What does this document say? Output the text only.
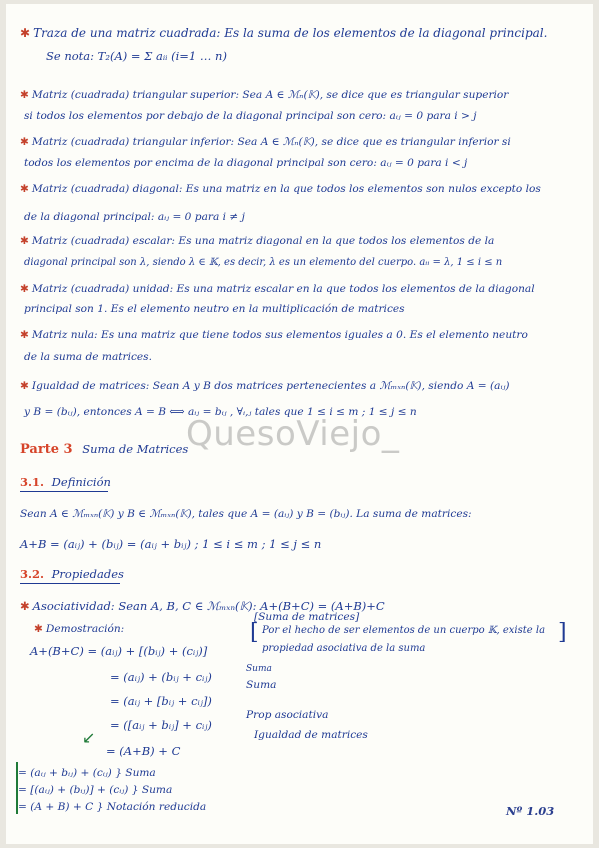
✱ Traza de una matriz cuadrada: Es la suma de los elementos de la diagonal principal.
Se nota: T₂(A) = Σ aᵢᵢ (i=1 … n)
✱ Matriz (cuadrada) triangular superior: Sea A ∈ ℳₙ(𝕂), se dice que es triangular superior
si todos los elementos por debajo de la diagonal principal son cero: aᵢⱼ = 0 para i > j
✱ Matriz (cuadrada) triangular inferior: Sea A ∈ ℳₙ(𝕂), se dice que es triangular inferior si
todos los elementos por encima de la diagonal principal son cero: aᵢⱼ = 0 para i < j
✱ Matriz (cuadrada) diagonal: Es una matriz en la que todos los elementos son nulos excepto los
de la diagonal principal: aᵢⱼ = 0 para i ≠ j
✱ Matriz (cuadrada) escalar: Es una matriz diagonal en la que todos los elementos de la
diagonal principal son λ, siendo λ ∈ 𝕂, es decir, λ es un elemento del cuerpo. aᵢᵢ = λ, 1 ≤ i ≤ n
✱ Matriz (cuadrada) unidad: Es una matriz escalar en la que todos los elementos de la diagonal
principal son 1. Es el elemento neutro en la multiplicación de matrices
✱ Matriz nula: Es una matriz que tiene todos sus elementos iguales a 0. Es el elemento neutro
de la suma de matrices.
✱ Igualdad de matrices: Sean A y B dos matrices pertenecientes a ℳₘₓₙ(𝕂), siendo A = (aᵢⱼ)
y B = (bᵢⱼ), entonces A = B ⟺ aᵢⱼ = bᵢⱼ , ∀ᵢ,ⱼ tales que 1 ≤ i ≤ m ; 1 ≤ j ≤ n
QuesoViejo_
Parte 3 Suma de Matrices
3.1. Definición
Sean A ∈ ℳₘₓₙ(𝕂) y B ∈ ℳₘₓₙ(𝕂), tales que A = (aᵢⱼ) y B = (bᵢⱼ). La suma de matrices:
A+B = (aᵢⱼ) + (bᵢⱼ) = (aᵢⱼ + bᵢⱼ) ; 1 ≤ i ≤ m ; 1 ≤ j ≤ n
3.2. Propiedades
✱ Asociatividad: Sean A, B, C ∈ ℳₘₓₙ(𝕂): A+(B+C) = (A+B)+C
✱ Demostración:
[Suma de matrices]
[ Por el hecho de ser elementos de un cuerpo 𝕂, existe la
propiedad asociativa de la suma
]
A+(B+C) = (aᵢⱼ) + [(bᵢⱼ) + (cᵢⱼ)]
= (aᵢⱼ) + (bᵢⱼ + cᵢⱼ)
= (aᵢⱼ + [bᵢⱼ + cᵢⱼ])
= ([aᵢⱼ + bᵢⱼ] + cᵢⱼ)
= (A+B) + C
Suma
Suma
Prop asociativa
Igualdad de matrices
↙
= (aᵢⱼ + bᵢⱼ) + (cᵢⱼ) } Suma
= [(aᵢⱼ) + (bᵢⱼ)] + (cᵢⱼ) } Suma
= (A + B) + C } Notación reducida	Nº 1.03
